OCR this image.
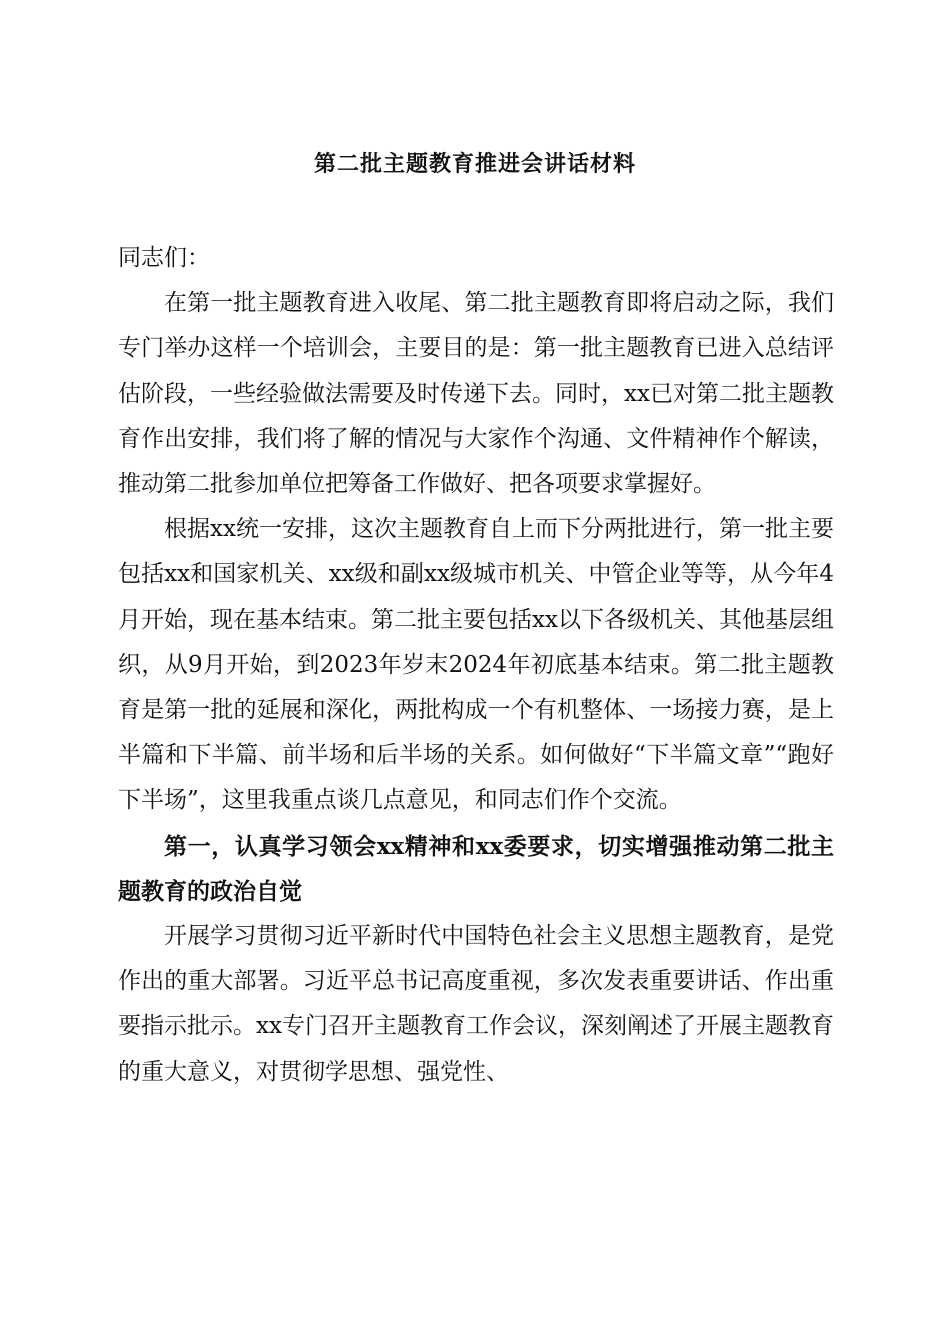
第二批主题教育推进会讲话材料

同志们：

在第一批主题教育进入收尾、第二批主题教育即将启动之际，我们专门举办这样一个培训会，主要目的是：第一批主题教育已进入总结评估阶段，一些经验做法需要及时传递下去。同时，xx已对第二批主题教育作出安排，我们将了解的情况与大家作个沟通、文件精神作个解读，推动第二批参加单位把筹备工作做好、把各项要求掌握好。

根据xx统一安排，这次主题教育自上而下分两批进行，第一批主要包括xx和国家机关、xx级和副xx级城市机关、中管企业等等，从今年4月开始，现在基本结束。第二批主要包括xx以下各级机关、其他基层组织，从9月开始，到2023年岁末2024年初底基本结束。第二批主题教育是第一批的延展和深化，两批构成一个有机整体、一场接力赛，是上半篇和下半篇、前半场和后半场的关系。如何做好“下半篇文章”“跑好下半场”，这里我重点谈几点意见，和同志们作个交流。

第一，认真学习领会xx精神和xx委要求，切实增强推动第二批主题教育的政治自觉

开展学习贯彻习近平新时代中国特色社会主义思想主题教育，是党作出的重大部署。习近平总书记高度重视，多次发表重要讲话、作出重要指示批示。xx专门召开主题教育工作会议，深刻阐述了开展主题教育的重大意义，对贯彻学思想、强党性、
